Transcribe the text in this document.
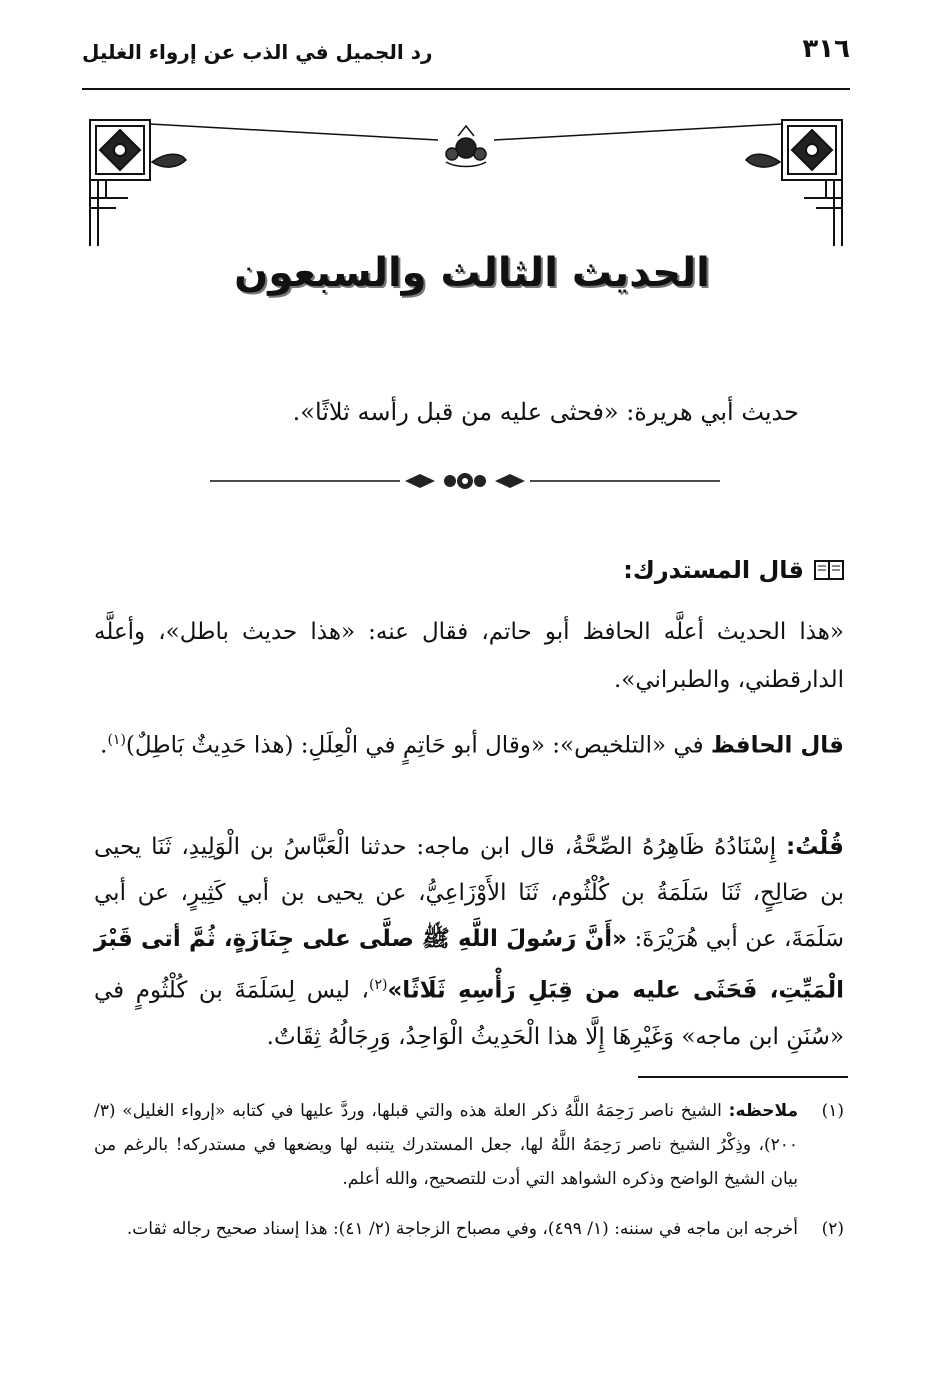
٣١٦
رد الجميل في الذب عن إرواء الغليل
الحديث الثالث والسبعون
حديث أبي هريرة: «فحثى عليه من قبل رأسه ثلاثًا».
قال المستدرك:
«هذا الحديث أعلَّه الحافظ أبو حاتم، فقال عنه: «هذا حديث باطل»، وأعلَّه الدارقطني، والطبراني».
قال الحافظ في «التلخيص»: «وقال أبو حَاتِمٍ في الْعِلَلِ: (هذا حَدِيثٌ بَاطِلٌ)$^{(١)}$.
قُلْتُ: إِسْنَادُهُ ظَاهِرُهُ الصِّحَّةُ، قال ابن ماجه: حدثنا الْعَبَّاسُ بن الْوَلِيدِ، ثَنَا يحيى بن صَالِحٍ، ثَنَا سَلَمَةُ بن كُلْثُوم، ثَنَا الأَوْزَاعِيُّ، عن يحيى بن أبي كَثِيرٍ، عن أبي سَلَمَةَ، عن أبي هُرَيْرَةَ: «أَنَّ رَسُولَ اللَّهِ ﷺ صلَّى على جِنَازَةٍ، ثُمَّ أتى قَبْرَ الْمَيِّتِ، فَحَثَى عليه من قِبَلِ رَأْسِهِ ثَلَاثًا»$^{(٢)}$، ليس لِسَلَمَةَ بن كُلْثُومٍ في «سُنَنِ ابن ماجه» وَغَيْرِهَا إِلَّا هذا الْحَدِيثُ الْوَاحِدُ، وَرِجَالُهُ ثِقَاتٌ.
(١)
ملاحظه: الشيخ ناصر رَحِمَهُ اللَّهُ ذكر العلة هذه والتي قبلها، وردَّ عليها في كتابه «إرواء الغليل» (٣/ ٢٠٠)، وذِكْرُ الشيخ ناصر رَحِمَهُ اللَّهُ لها، جعل المستدرك يتنبه لها ويضعها في مستدركه! بالرغم من بيان الشيخ الواضح وذكره الشواهد التي أدت للتصحيح، والله أعلم.
(٢)
أخرجه ابن ماجه في سننه: (١/ ٤٩٩)، وفي مصباح الزجاجة (٢/ ٤١): هذا إسناد صحيح رجاله ثقات.
